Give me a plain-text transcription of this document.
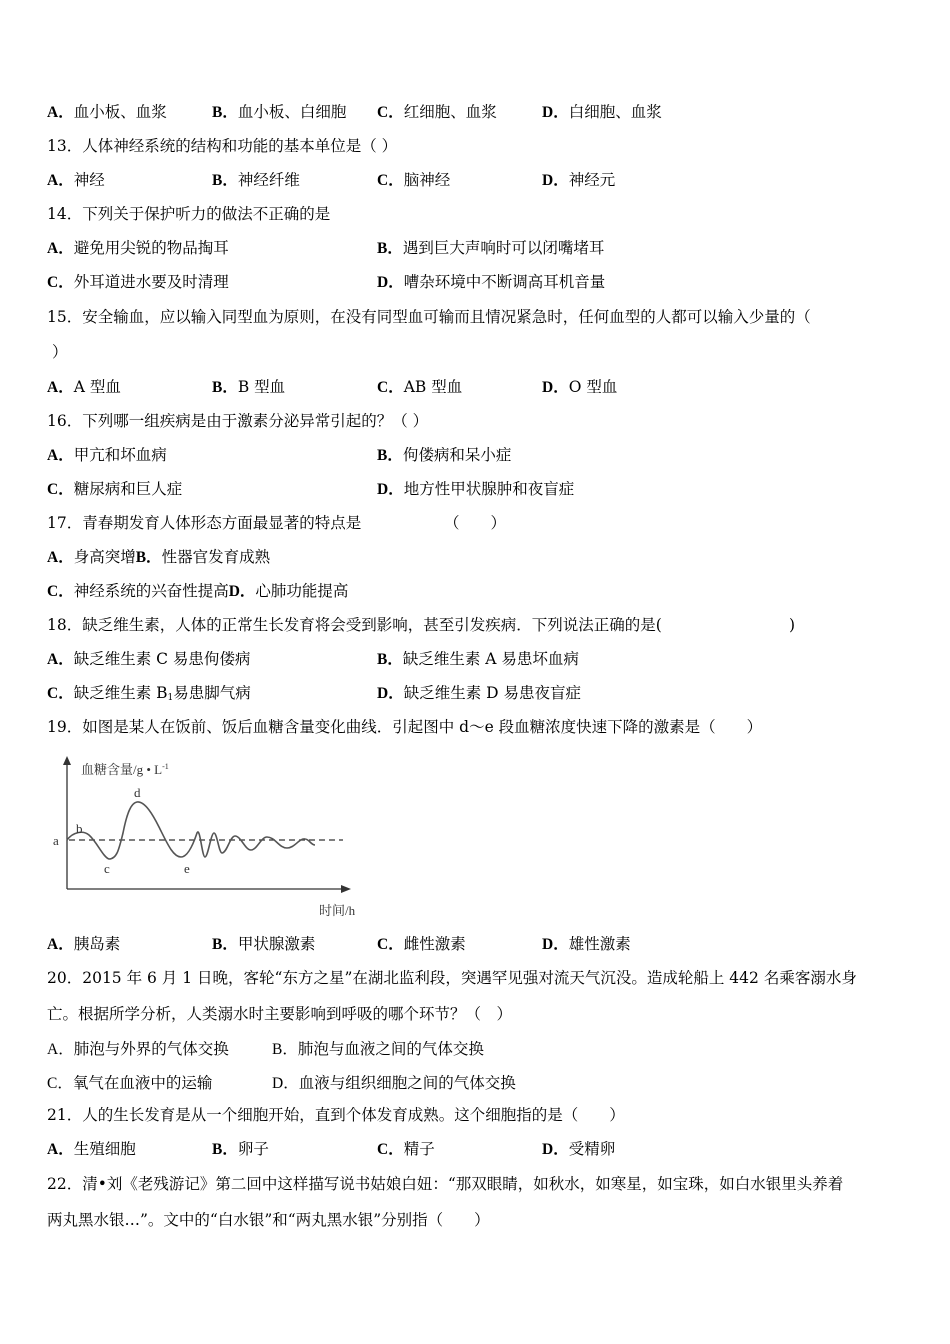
A．血小板、血浆	B．血小板、白细胞 C．红细胞、血浆	D．白细胞、血浆
13．人体神经系统的结构和功能的基本单位是（ ）
A．神经	B．神经纤维	C．脑神经	D．神经元
14．下列关于保护听力的做法不正确的是
A．避免用尖锐的物品掏耳	B．遇到巨大声响时可以闭嘴堵耳
C．外耳道进水要及时清理	D．嘈杂环境中不断调高耳机音量
15．安全输血，应以输入同型血为原则，在没有同型血可输而且情况紧急时，任何血型的人都可以输入少量的（
）
A．A 型血	B．B 型血	C．AB 型血	D．O 型血
16．下列哪一组疾病是由于激素分泌异常引起的？（ ）
A．甲亢和坏血病	B．佝偻病和呆小症
C．糖尿病和巨人症	D．地方性甲状腺肿和夜盲症
17．青春期发育人体形态方面最显著的特点是	（　　）
A．身高突增B．性器官发育成熟
C．神经系统的兴奋性提高D．心肺功能提高
18．缺乏维生素，人体的正常生长发育将会受到影响，甚至引发疾病．下列说法正确的是(	)
A．缺乏维生素 C 易患佝偻病	B．缺乏维生素 A 易患坏血病
C．缺乏维生素 $B_1$易患脚气病	D．缺乏维生素 D 易患夜盲症
19．如图是某人在饭前、饭后血糖含量变化曲线．引起图中 d～e 段血糖浓度快速下降的激素是（　　）
血糖含量/g • $L^{-1}$
a
b
c
d
e
时间/h
A．胰岛素	B．甲状腺激素	C．雌性激素	D．雄性激素
20．2015 年 6 月 1 日晚，客轮“东方之星”在湖北监利段，突遇罕见强对流天气沉没。造成轮船上 442 名乘客溺水身
亡。根据所学分析，人类溺水时主要影响到呼吸的哪个环节？（　）
A．肺泡与外界的气体交换	B．肺泡与血液之间的气体交换
C．氧气在血液中的运输	D．血液与组织细胞之间的气体交换
21．人的生长发育是从一个细胞开始，直到个体发育成熟。这个细胞指的是（　　）
A．生殖细胞	B．卵子	C．精子	D．受精卵
22．清•刘《老残游记》第二回中这样描写说书姑娘白妞：“那双眼睛，如秋水，如寒星，如宝珠，如白水银里头养着
两丸黑水银…”。文中的“白水银”和“两丸黑水银”分别指（　　）
